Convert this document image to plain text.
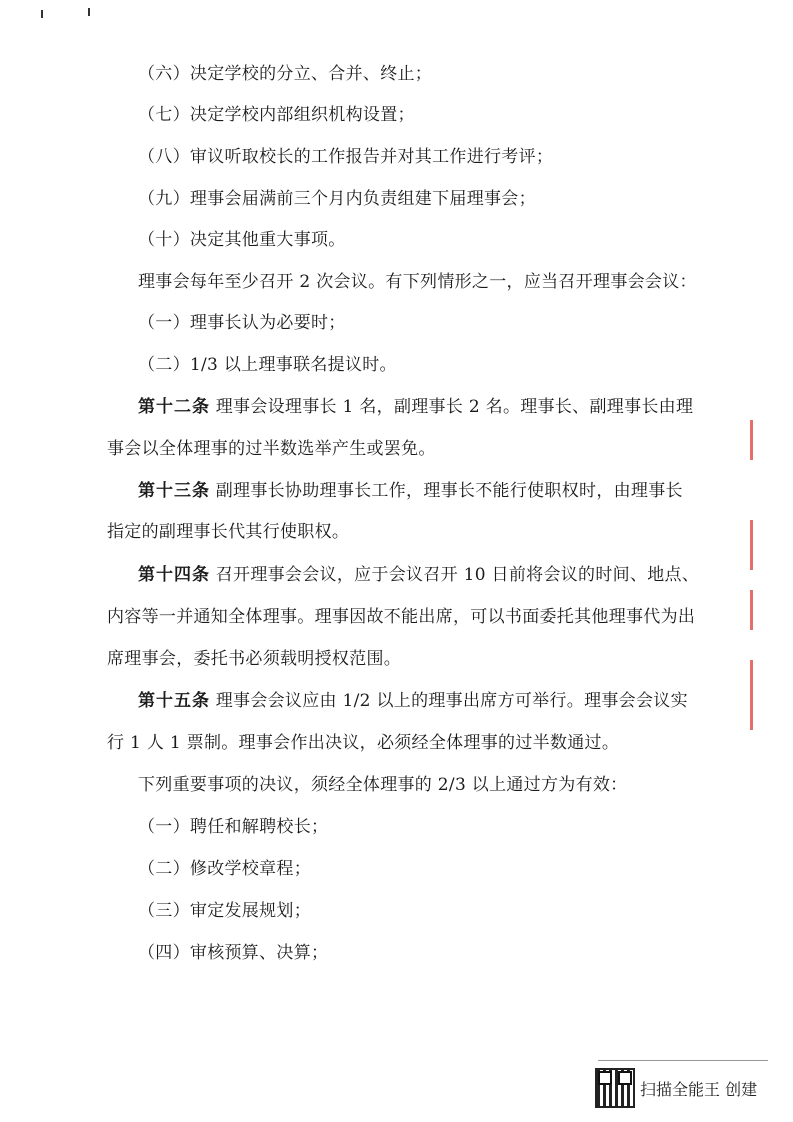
（六）决定学校的分立、合并、终止；
（七）决定学校内部组织机构设置；
（八）审议听取校长的工作报告并对其工作进行考评；
（九）理事会届满前三个月内负责组建下届理事会；
（十）决定其他重大事项。
理事会每年至少召开 2 次会议。有下列情形之一，应当召开理事会会议：
（一）理事长认为必要时；
（二）1/3 以上理事联名提议时。
第十二条 理事会设理事长 1 名，副理事长 2 名。理事长、副理事长由理
事会以全体理事的过半数选举产生或罢免。
第十三条 副理事长协助理事长工作，理事长不能行使职权时，由理事长
指定的副理事长代其行使职权。
第十四条 召开理事会会议，应于会议召开 10 日前将会议的时间、地点、
内容等一并通知全体理事。理事因故不能出席，可以书面委托其他理事代为出
席理事会，委托书必须载明授权范围。
第十五条 理事会会议应由 1/2 以上的理事出席方可举行。理事会会议实
行 1 人 1 票制。理事会作出决议，必须经全体理事的过半数通过。
下列重要事项的决议，须经全体理事的 2/3 以上通过方为有效：
（一）聘任和解聘校长；
（二）修改学校章程；
（三）审定发展规划；
（四）审核预算、决算；
扫描全能王 创建
